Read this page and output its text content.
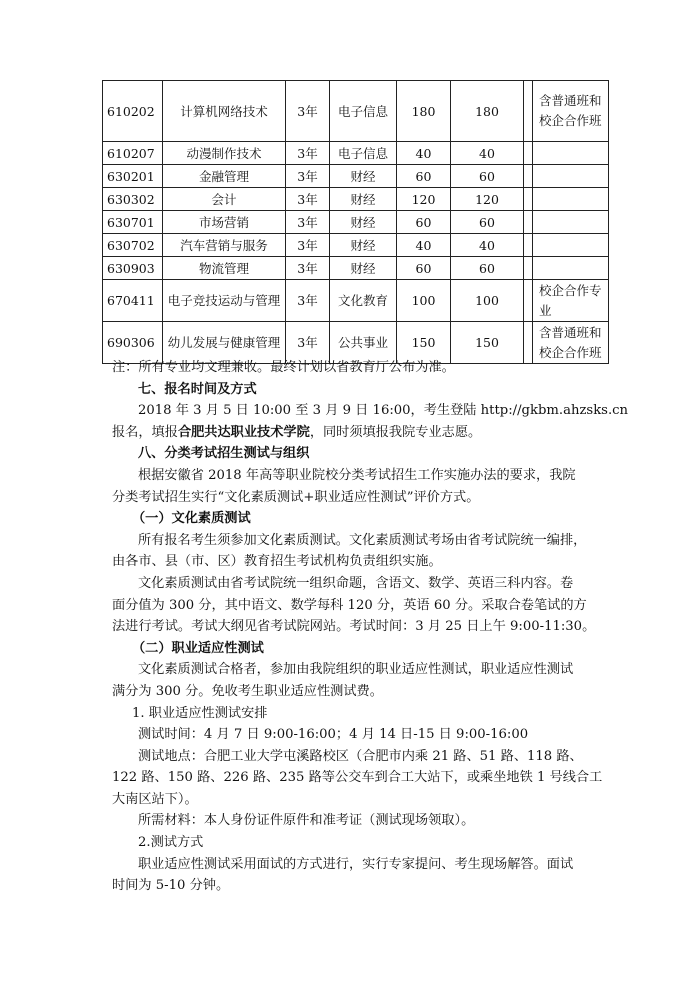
610202	计算机网络技术	3年	电子信息	180	180		含普通班和校企合作班
610207	动漫制作技术	3年	电子信息	40	40		
630201	金融管理	3年	财经	60	60		
630302	会计	3年	财经	120	120		
630701	市场营销	3年	财经	60	60		
630702	汽车营销与服务	3年	财经	40	40		
630903	物流管理	3年	财经	60	60		
670411	电子竞技运动与管理	3年	文化教育	100	100		校企合作专业
690306	幼儿发展与健康管理	3年	公共事业	150	150		含普通班和校企合作班
注：所有专业均文理兼收。最终计划以省教育厅公布为准。
七、报名时间及方式
2018 年 3 月 5 日 10:00 至 3 月 9 日 16:00，考生登陆 http://gkbm.ahzsks.cn
报名，填报合肥共达职业技术学院，同时须填报我院专业志愿。
八、分类考试招生测试与组织
根据安徽省 2018 年高等职业院校分类考试招生工作实施办法的要求，我院
分类考试招生实行“文化素质测试+职业适应性测试”评价方式。
（一）文化素质测试
所有报名考生须参加文化素质测试。文化素质测试考场由省考试院统一编排，
由各市、县（市、区）教育招生考试机构负责组织实施。
文化素质测试由省考试院统一组织命题，含语文、数学、英语三科内容。卷
面分值为 300 分，其中语文、数学每科 120 分，英语 60 分。采取合卷笔试的方
法进行考试。考试大纲见省考试院网站。考试时间：3 月 25 日上午 9:00-11:30。
（二）职业适应性测试
文化素质测试合格者，参加由我院组织的职业适应性测试，职业适应性测试
满分为 300 分。免收考生职业适应性测试费。
1. 职业适应性测试安排
测试时间：4 月 7 日 9:00-16:00；4 月 14 日-15 日 9:00-16:00
测试地点：合肥工业大学屯溪路校区（合肥市内乘 21 路、51 路、118 路、
122 路、150 路、226 路、235 路等公交车到合工大站下，或乘坐地铁 1 号线合工
大南区站下）。
所需材料：本人身份证件原件和准考证（测试现场领取）。
2.测试方式
职业适应性测试采用面试的方式进行，实行专家提问、考生现场解答。面试
时间为 5-10 分钟。
